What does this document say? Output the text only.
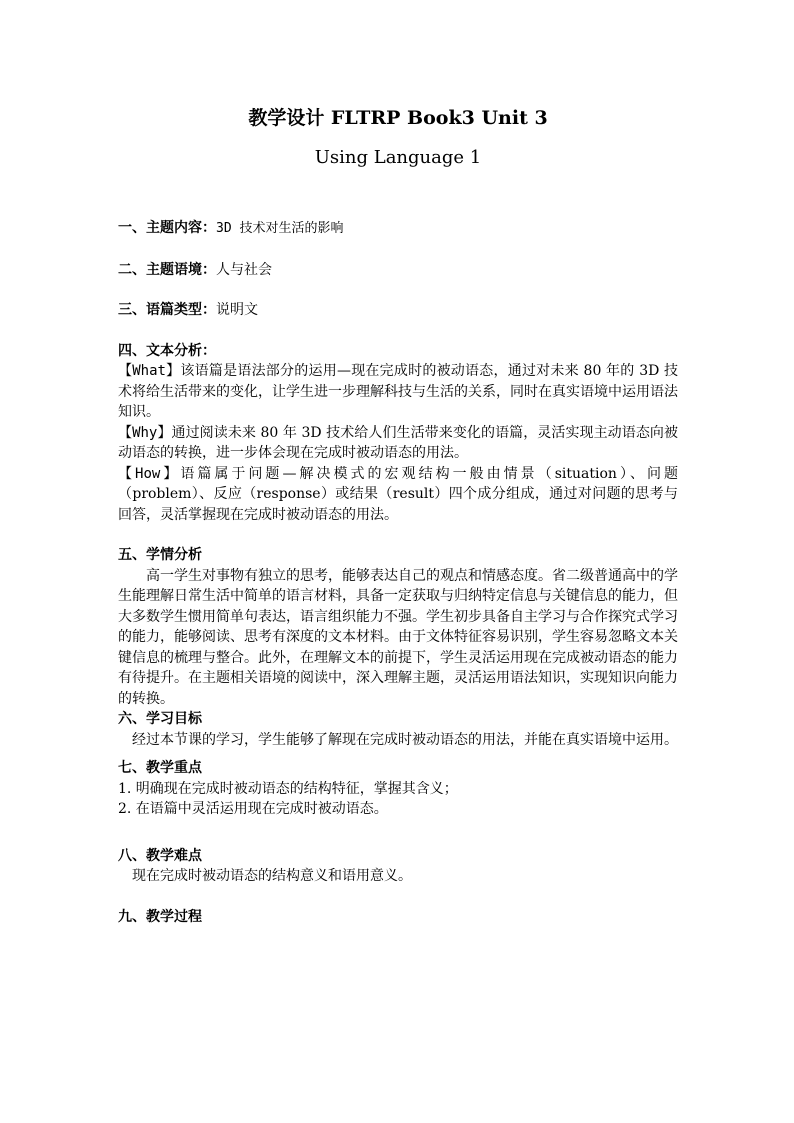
教学设计 FLTRP Book3 Unit 3

Using Language 1

一、主题内容：3D 技术对生活的影响

二、主题语境：人与社会

三、语篇类型：说明文

四、文本分析：

【What】该语篇是语法部分的运用—现在完成时的被动语态，通过对未来 80 年的 3D 技术将给生活带来的变化，让学生进一步理解科技与生活的关系，同时在真实语境中运用语法知识。

【Why】通过阅读未来 80 年 3D 技术给人们生活带来变化的语篇，灵活实现主动语态向被动语态的转换，进一步体会现在完成时被动语态的用法。

【How】语篇属于问题—解决模式的宏观结构一般由情景（situation）、问题（problem）、反应（response）或结果（result）四个成分组成，通过对问题的思考与回答，灵活掌握现在完成时被动语态的用法。

五、学情分析

高一学生对事物有独立的思考，能够表达自己的观点和情感态度。省二级普通高中的学生能理解日常生活中简单的语言材料，具备一定获取与归纳特定信息与关键信息的能力，但大多数学生惯用简单句表达，语言组织能力不强。学生初步具备自主学习与合作探究式学习的能力，能够阅读、思考有深度的文本材料。由于文体特征容易识别，学生容易忽略文本关键信息的梳理与整合。此外，在理解文本的前提下，学生灵活运用现在完成被动语态的能力有待提升。在主题相关语境的阅读中，深入理解主题，灵活运用语法知识，实现知识向能力的转换。

六、学习目标

经过本节课的学习，学生能够了解现在完成时被动语态的用法，并能在真实语境中运用。

七、教学重点

1. 明确现在完成时被动语态的结构特征，掌握其含义；

2. 在语篇中灵活运用现在完成时被动语态。

八、教学难点

现在完成时被动语态的结构意义和语用意义。

九、教学过程
